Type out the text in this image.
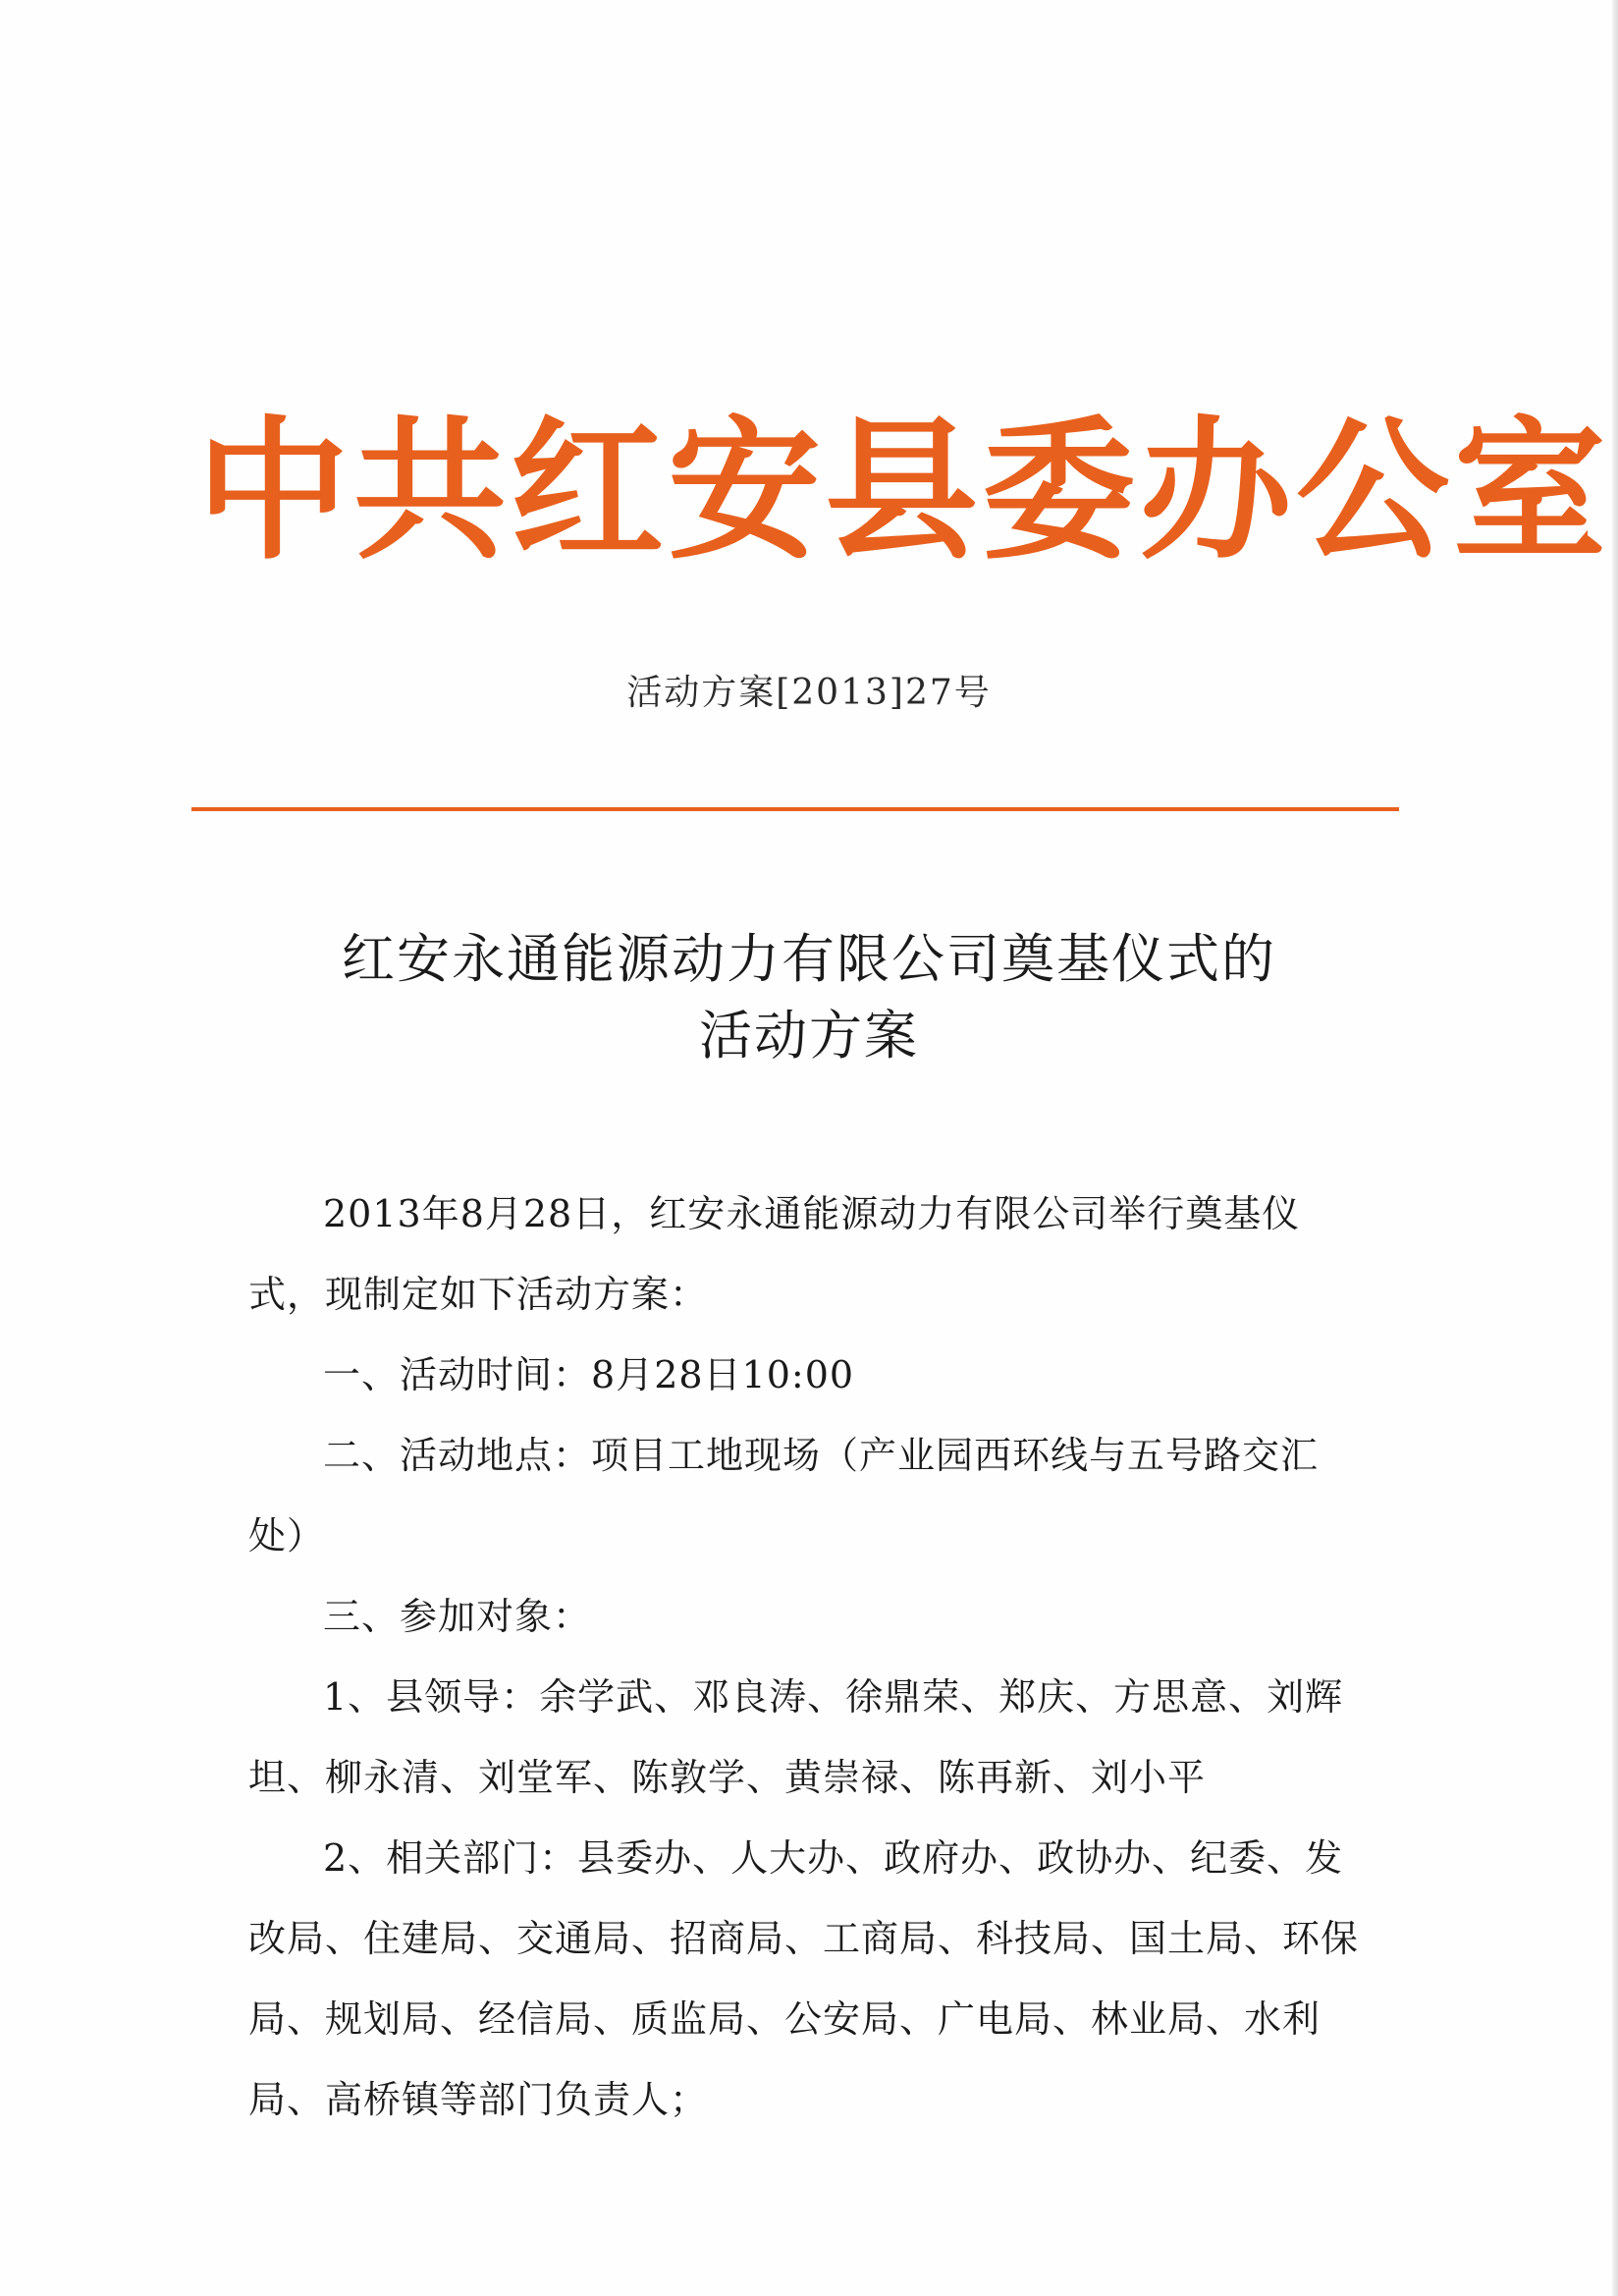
中共红安县委办公室
活动方案[2013]27号
红安永通能源动力有限公司奠基仪式的
活动方案

2013年8月28日，红安永通能源动力有限公司举行奠基仪式，现制定如下活动方案：

一、活动时间：8月28日10:00

二、活动地点：项目工地现场（产业园西环线与五号路交汇处）

三、参加对象：

1、县领导：余学武、邓良涛、徐鼎荣、郑庆、方思意、刘辉坦、柳永清、刘堂军、陈敦学、黄崇禄、陈再新、刘小平

2、相关部门：县委办、人大办、政府办、政协办、纪委、发改局、住建局、交通局、招商局、工商局、科技局、国土局、环保局、规划局、经信局、质监局、公安局、广电局、林业局、水利局、高桥镇等部门负责人；
